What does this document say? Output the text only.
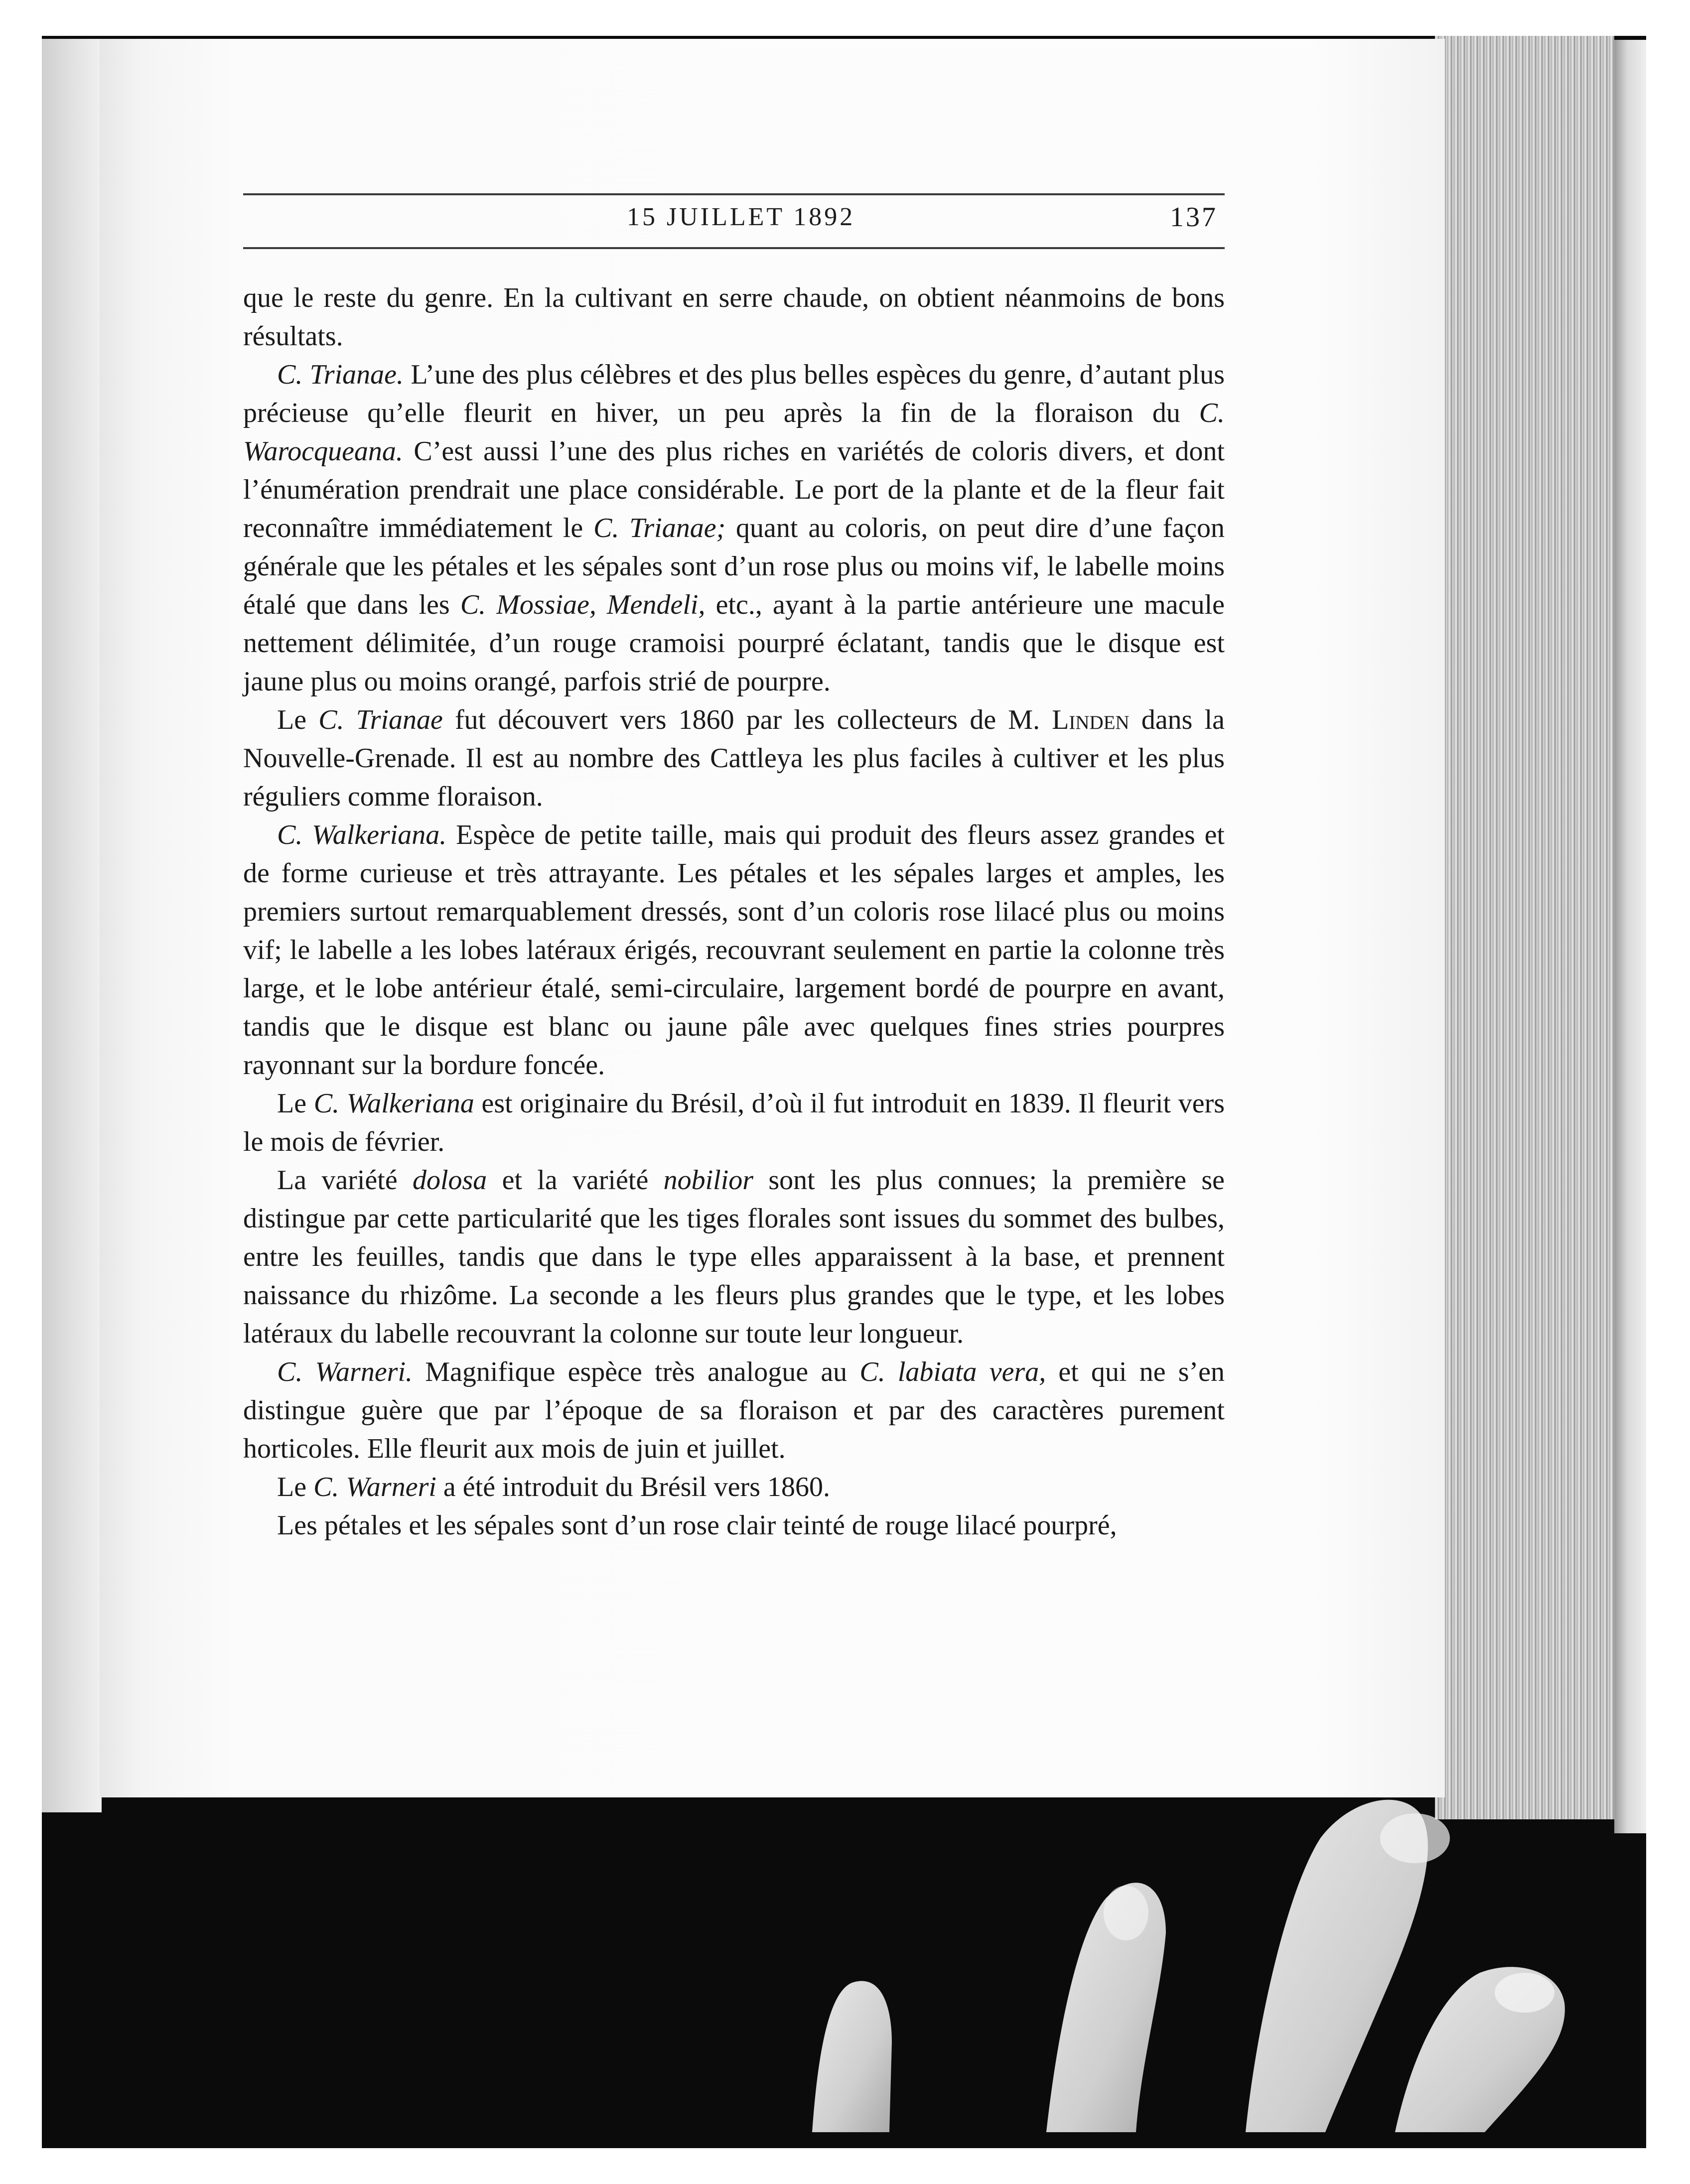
15 JUILLET 1892	137

que le reste du genre. En la cultivant en serre chaude, on obtient néanmoins de bons résultats.

C. Trianae. L’une des plus célèbres et des plus belles espèces du genre, d’autant plus précieuse qu’elle fleurit en hiver, un peu après la fin de la floraison du C. Warocqueana. C’est aussi l’une des plus riches en variétés de coloris divers, et dont l’énumération prendrait une place considérable. Le port de la plante et de la fleur fait reconnaître immédiatement le C. Trianae; quant au coloris, on peut dire d’une façon générale que les pétales et les sépales sont d’un rose plus ou moins vif, le labelle moins étalé que dans les C. Mossiae, Mendeli, etc., ayant à la partie antérieure une macule nettement délimitée, d’un rouge cramoisi pourpré éclatant, tandis que le disque est jaune plus ou moins orangé, parfois strié de pourpre.

Le C. Trianae fut découvert vers 1860 par les collecteurs de M. Linden dans la Nouvelle-Grenade. Il est au nombre des Cattleya les plus faciles à cultiver et les plus réguliers comme floraison.

C. Walkeriana. Espèce de petite taille, mais qui produit des fleurs assez grandes et de forme curieuse et très attrayante. Les pétales et les sépales larges et amples, les premiers surtout remarquablement dressés, sont d’un coloris rose lilacé plus ou moins vif; le labelle a les lobes latéraux érigés, recouvrant seulement en partie la colonne très large, et le lobe antérieur étalé, semi-circulaire, largement bordé de pourpre en avant, tandis que le disque est blanc ou jaune pâle avec quelques fines stries pourpres rayonnant sur la bordure foncée.

Le C. Walkeriana est originaire du Brésil, d’où il fut introduit en 1839. Il fleurit vers le mois de février.

La variété dolosa et la variété nobilior sont les plus connues; la première se distingue par cette particularité que les tiges florales sont issues du sommet des bulbes, entre les feuilles, tandis que dans le type elles apparaissent à la base, et prennent naissance du rhizôme. La seconde a les fleurs plus grandes que le type, et les lobes latéraux du labelle recouvrant la colonne sur toute leur longueur.

C. Warneri. Magnifique espèce très analogue au C. labiata vera, et qui ne s’en distingue guère que par l’époque de sa floraison et par des caractères purement horticoles. Elle fleurit aux mois de juin et juillet.

Le C. Warneri a été introduit du Brésil vers 1860.

Les pétales et les sépales sont d’un rose clair teinté de rouge lilacé pourpré,
